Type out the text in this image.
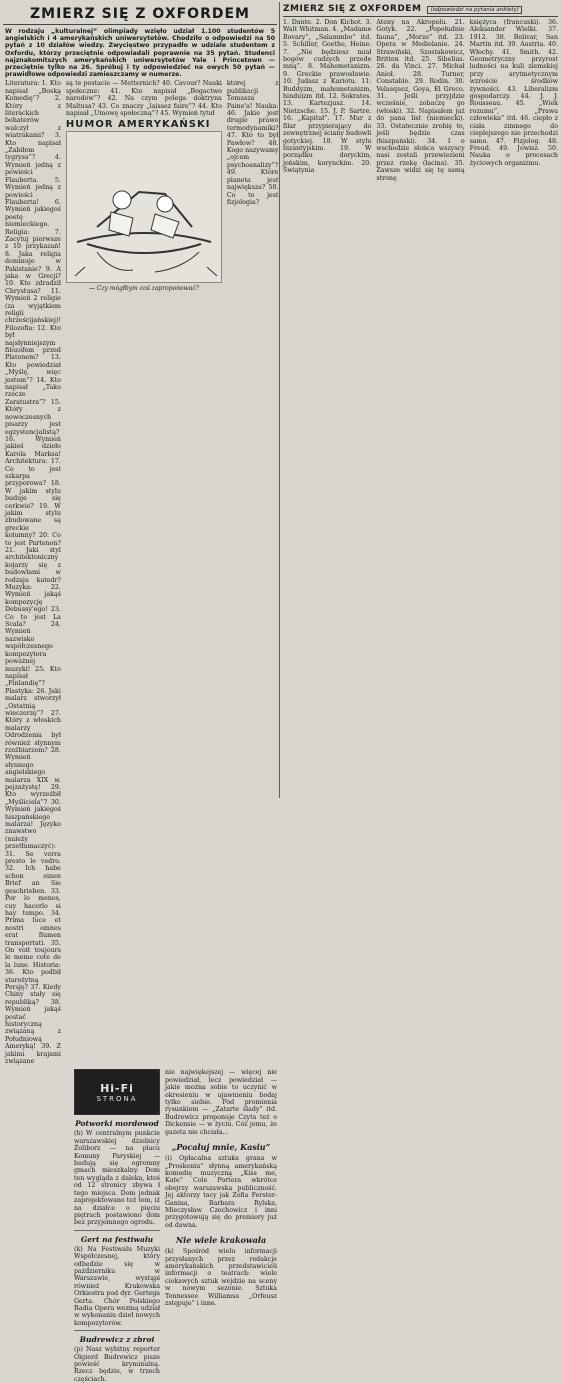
ZMIERZ SIĘ Z OXFORDEM
W rodzaju „kulturalnej” olimpiady wzięło udział 1.100 studentów 5 angielskich i 4 amerykańskich uniwersytetów. Chodziło o odpowiedzi na 50 pytań z 10 działów wiedzy. Zwycięstwo przypadło w udziale studentom z Oxfordu, którzy przeciętnie odpowiadali poprawnie na 35 pytań. Studenci najznakomitszych amerykańskich uniwersytetów Yale i Princetown — przeciętnie tylko na 26. Spróbuj i ty odpowiedzieć na owych 50 pytań — prawidłowe odpowiedzi zamieszczamy w numerze.
Literatura: 1. Kto napisał „Boską Komedię”? 2. Który z literackich bohaterów walczył z wiatrakami? 3. Kto napisał „Zabiłem tygrysa”? 4. Wymień jedną z powieści Flauberta. 5. Wymień jedną z powieści Flauberta! 6. Wymień jakiegoś poetę niemieckiego. Religia: 7. Zacytuj pierwsze z 10 przykazań! 8. Jaka religia dominuje w Pakistanie? 9. A jaka w Grecji? 10. Kto zdradził Chrystusa? 11. Wymień 2 religie (za wyjątkiem religii chrześcijańskiej)! Filozofia: 12. Kto był najsłynniejszym filozofem przed Platonem? 13. Kto powiedział „Myślę, więc jestem”? 14. Kto napisał „Tako rzecze Zaratustra”? 15. Który z nowoczesnych pisarzy jest egzystencjalistą? 16. Wymień jakieś dzieło Karola Marksa! Architektura: 17. Co to jest szkarpa przyporowa? 18. W jakim stylu buduje się cerkwie? 19. W jakim stylu zbudowane są greckie kolumny? 20. Co to jest Partenon? 21. Jaki styl architektoniczny kojarzy się z budowlami w rodzaju katedr? Muzyka: 22. Wymień jakąś kompozycję Debussy'ego! 23. Co to jest La Scala? 24. Wymień nazwisko współczesnego kompozytora poważnej muzyki! 25. Kto napisał „Finlandię”? Plastyka: 26. Jaki malarz stworzył „Ostatnią wieczerzę”? 27. Który z włoskich malarzy Odrodzenia był również słynnym rzeźbiarzem? 28. Wymień słynnego angielskiego malarza XIX w. pejzażystę! 29. Kto wyrzeźbił „Myśliciela”? 30. Wymień jakiegoś hiszpańskiego malarza! Języko znawstwo (należy przetłumaczyć): 31. Se verra presto le vedro. 32. Ich habe schon einen Brief an Sie geschrieben. 33. Por lo menos, cuy hacerlo si hay tempo. 34. Prima luce et nostri omnes erat flumen transportati. 35. On voit toujours le meme cote de la lune. Historia: 36. Kto podbił starożytną Persję? 37. Kiedy Chiny stały się republiką? 38. Wymień jakąś postać historyczną związaną z Południową Ameryką! 39. Z jakimi krajami związane
są te postacie — Metternich? 40. Cavour? Nauki społeczne: 41. Kto napisał „Bogactwo narodów”? 42. Na czym polega doktryna Maltusa? 43. Co znaczy „laissez faire”? 44. Kto napisał „Umowę społeczną”? 45. Wymień tytuł
HUMOR AMERYKAŃSKI
— Czy mógłbym coś zaproponować?
której z publikacji Tomasza Paine'a! Nauka: 46. Jakie jest drugie prawo termodynamiki? 47. Kto to był Pawłow? 48. Kogo nazywamy „ojcem psychoanalizy”? 49. Które planeta jest największa? 50. Co to jest fizjologia?
Hi-Fi
STRONA
Potworki mordowod
(b) W centralnym punkcie warszawskiej dzielnicy Żoliborz — na placu Komuny Paryskiej — budują się ogromny gmach mieszkalny. Dom ten wygląda z daleka, ktoś od 12 stronicy zbywa ł tego miejsca. Dom jednak zaprojektowano też tem, iż na działce o pięciu piętrach postawiono dom bez przyjemnego ogrodu.
Gert na festiwalu
(k) Na Festiwalu Muzyki Współczesnej, który odbędzie się w październiku w Warszawie, wystąpi również Krakowska Orkiestra pod dyr. Gertega Gerta. Chór Polskiego Radia Opera wezmą udział w wykonaniu dzieł nowych kompozytorów.
Budrewicz z zbroi
(p) Nasz wybitny reporter Olgierd Budrewicz pisze powieść kryminalną. Rzecz będzie, w trzech częściach.
nie najwiękejszej — więcej nie powiedział, lecz powiedział — jakie można sobie to uczynić w okresieniu w ujawnieniu bodaj tylko siebie. Pod promienia rysunkiem — „Zatarte ślady” itd. Budrewicz proponuje Czyta też o Dickensie — w życiu. Cóż jemu, że gazeta nie chciała...
„Pocałuj mnie, Kasiu”
(i) Opłacalna sztuka grana w „Proskeniu” słynną amerykańską komedię muzyczną „Kiss me, Kate” Cole Portera wkrótce obejrzy warszawska publiczność. Jej aktorzy tacy jak Zofia Ferster-Ganina, Barbara Rylska, Mieczysław Czechowicz i inni przygotowują się do premiery już od dawna.
Nie wiele krakowała
(k) Spośród wielu informacji przysłanych przez redakcje amerykańskich przedstawicieli informacji o teatrach: wiele ciekawych sztuk wejdzie na sceny w nowym sezonie. Sztuka Tennessee Williamsa „Orfeusz zstępuje” i inne.
ZMIERZ SIĘ Z OXFORDEM	(odpowiedzi na pytania ankiety)
1. Dante. 2. Don Kichot. 3. Walt Whitman. 4. „Madame Bovary”, „Salammbo” itd. 5. Schiller, Goethe, Heine. 7. „Nie będziesz miał bogów cudzych przede mną”. 8. Mahometanizm. 9. Greckie prawosławie. 10. Judasz z Kariotu. 11. Buddyzm, mahometanizm, hinduizm itd. 12. Sokrates. 13. Kartezjusz. 14. Nietzsche. 15. J. P. Sartre. 16. „Kapitał”. 17. Mur z filar przypierający do zewnętrznej ściany budowli gotyckiej. 18. W stylu bizantyjskim. 19. W porządku doryckim, jońskim, korynckim. 20. Świątynia
Ateny na Akropolu. 21. Gotyk. 22. „Popołudnie fauna”, „Morze” itd. 23. Opera w Mediolanie. 24. Strawiński, Szostakowicz, Britten itd. 25. Sibelius. 26. da Vinci. 27. Michał Anioł. 28. Turner, Constable. 29. Rodin. 30. Velasquez, Goya, El Greco. 31. Jeśli przyjdzie wcześnie, zobaczę go (włoski). 32. Napisałem już do pana list (niemiecki). 33. Ostatecznie zrobię to, jeśli będzie czas (hiszpański). 34. I o wschodzie słońca wszyscy nasi zostali przewiezieni przez rzekę (łacina). 35. Zawsze widzi się tę samą stronę
księżyca (francuski). 36. Aleksander Wielki. 37. 1912. 38. Bolivar, San Martin itd. 39. Austria. 40. Włochy. 41. Smith. 42. Geometryczny przyrost ludności na kuli ziemskiej przy arytmetycznym wzroście środków żywności. 43. Liberalizm gospodarczy. 44. J. J. Rousseau. 45. „Wiek rozumu”, „Prawa człowieka” itd. 46. ciepło z ciała zimnego do cieplejszego nie przechodzi samo. 47. Fizjolog. 48. Freud. 49. Jowisz. 50. Nauka o procesach życiowych organizmu.
